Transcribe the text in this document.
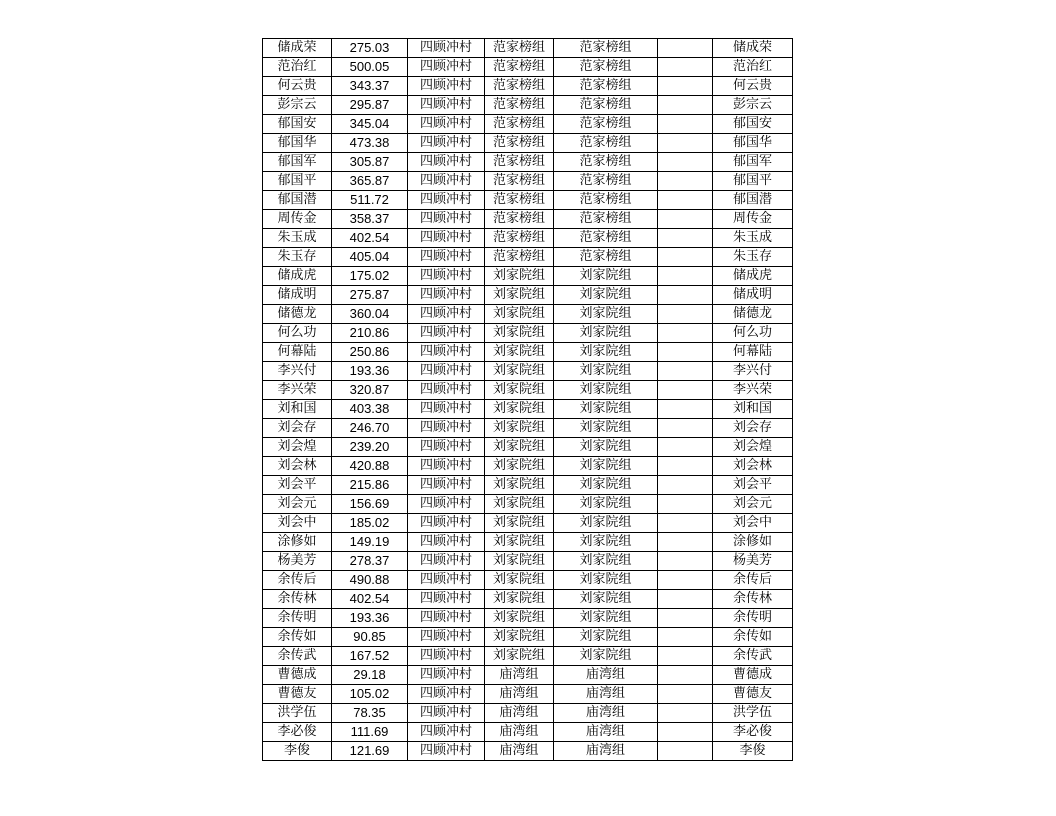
储成荣	275.03	四顾冲村	范家榜组	范家榜组		储成荣
范治红	500.05	四顾冲村	范家榜组	范家榜组		范治红
何云贵	343.37	四顾冲村	范家榜组	范家榜组		何云贵
彭宗云	295.87	四顾冲村	范家榜组	范家榜组		彭宗云
郁国安	345.04	四顾冲村	范家榜组	范家榜组		郁国安
郁国华	473.38	四顾冲村	范家榜组	范家榜组		郁国华
郁国军	305.87	四顾冲村	范家榜组	范家榜组		郁国军
郁国平	365.87	四顾冲村	范家榜组	范家榜组		郁国平
郁国潜	511.72	四顾冲村	范家榜组	范家榜组		郁国潜
周传金	358.37	四顾冲村	范家榜组	范家榜组		周传金
朱玉成	402.54	四顾冲村	范家榜组	范家榜组		朱玉成
朱玉存	405.04	四顾冲村	范家榜组	范家榜组		朱玉存
储成虎	175.02	四顾冲村	刘家院组	刘家院组		储成虎
储成明	275.87	四顾冲村	刘家院组	刘家院组		储成明
储德龙	360.04	四顾冲村	刘家院组	刘家院组		储德龙
何么功	210.86	四顾冲村	刘家院组	刘家院组		何么功
何幕陆	250.86	四顾冲村	刘家院组	刘家院组		何幕陆
李兴付	193.36	四顾冲村	刘家院组	刘家院组		李兴付
李兴荣	320.87	四顾冲村	刘家院组	刘家院组		李兴荣
刘和国	403.38	四顾冲村	刘家院组	刘家院组		刘和国
刘会存	246.70	四顾冲村	刘家院组	刘家院组		刘会存
刘会煌	239.20	四顾冲村	刘家院组	刘家院组		刘会煌
刘会林	420.88	四顾冲村	刘家院组	刘家院组		刘会林
刘会平	215.86	四顾冲村	刘家院组	刘家院组		刘会平
刘会元	156.69	四顾冲村	刘家院组	刘家院组		刘会元
刘会中	185.02	四顾冲村	刘家院组	刘家院组		刘会中
涂修如	149.19	四顾冲村	刘家院组	刘家院组		涂修如
杨美芳	278.37	四顾冲村	刘家院组	刘家院组		杨美芳
余传后	490.88	四顾冲村	刘家院组	刘家院组		余传后
余传林	402.54	四顾冲村	刘家院组	刘家院组		余传林
余传明	193.36	四顾冲村	刘家院组	刘家院组		余传明
余传如	90.85	四顾冲村	刘家院组	刘家院组		余传如
余传武	167.52	四顾冲村	刘家院组	刘家院组		余传武
曹德成	29.18	四顾冲村	庙湾组	庙湾组		曹德成
曹德友	105.02	四顾冲村	庙湾组	庙湾组		曹德友
洪学伍	78.35	四顾冲村	庙湾组	庙湾组		洪学伍
李必俊	111.69	四顾冲村	庙湾组	庙湾组		李必俊
李俊	121.69	四顾冲村	庙湾组	庙湾组		李俊
